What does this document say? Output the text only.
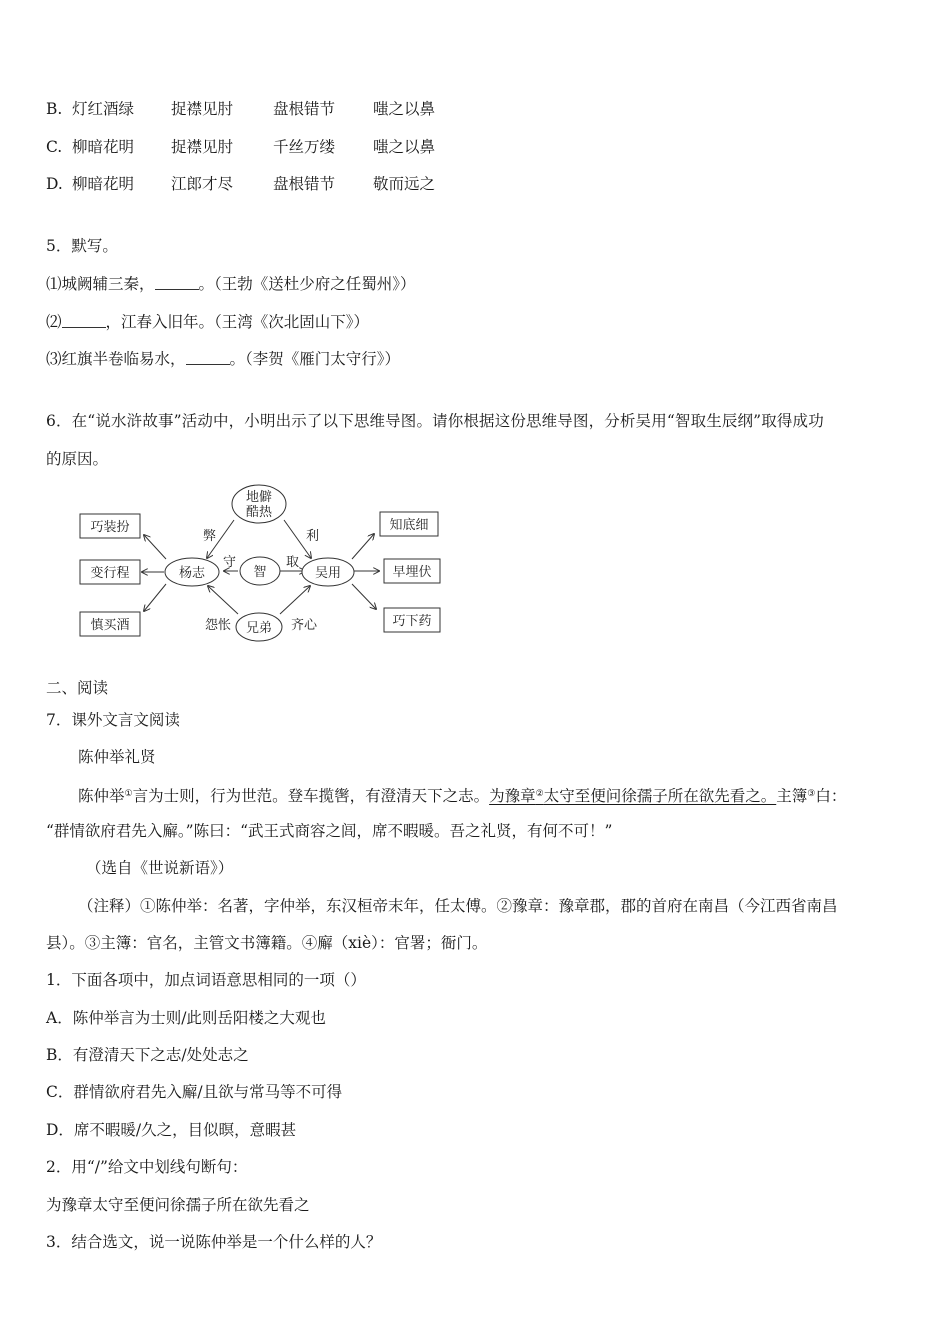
B. 灯红酒绿 捉襟见肘	盘根错节 嗤之以鼻
C. 柳暗花明 捉襟见肘	千丝万缕 嗤之以鼻
D. 柳暗花明 江郎才尽	盘根错节 敬而远之
5．默写。
⑴城阙辅三秦，	。（王勃《送杜少府之任蜀州》）
⑵	，江春入旧年。（王湾《次北固山下》）
⑶红旗半卷临易水，	。（李贺《雁门太守行》）
6．在“说水浒故事”活动中，小明出示了以下思维导图。请你根据这份思维导图，分析吴用“智取生辰纲”取得成功
的原因。
巧装扮
变行程
慎买酒
知底细
早埋伏
巧下药
地僻
酷热
杨志	智	吴用
兄弟
弊	利
守	取
怨怅	齐心
二、阅读
7．课外文言文阅读
陈仲举礼贤
陈仲举①言为士则，行为世范。登车揽辔，有澄清天下之志。为豫章②太守至便问徐孺子所在欲先看之。主簿③白：
“群情欲府君先入廨。”陈曰：“武王式商容之闾，席不暇暖。吾之礼贤，有何不可！”
（选自《世说新语》）
（注释）①陈仲举：名著，字仲举，东汉桓帝末年，任太傅。②豫章：豫章郡，郡的首府在南昌（今江西省南昌
县）。③主簿：官名，主管文书簿籍。④廨（xiè）：官署；衙门。
1．下面各项中，加点词语意思相同的一项（）
A．陈仲举言为士则/此则岳阳楼之大观也
B．有澄清天下之志/处处志之
C．群情欲府君先入廨/且欲与常马等不可得
D．席不暇暖/久之，目似暝，意暇甚
2．用“/”给文中划线句断句：
为豫章太守至便问徐孺子所在欲先看之
3．结合选文，说一说陈仲举是一个什么样的人？
